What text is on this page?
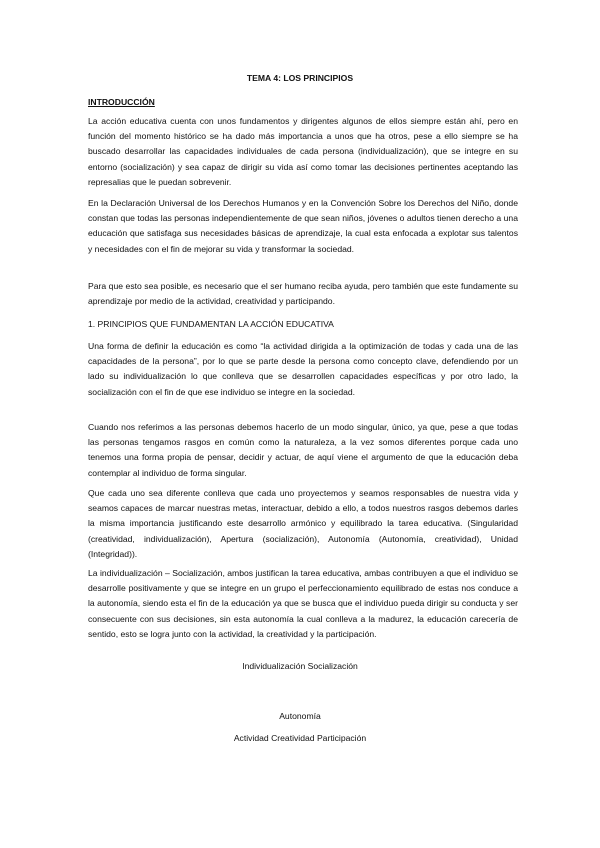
TEMA 4: LOS PRINCIPIOS
INTRODUCCIÓN

La acción educativa cuenta con unos fundamentos y dirigentes algunos de ellos siempre están ahí, pero en función del momento histórico se ha dado más importancia a unos que ha otros, pese a ello siempre se ha buscado desarrollar las capacidades individuales de cada persona (individualización), que se integre en su entorno (socialización) y sea capaz de dirigir su vida así como tomar las decisiones pertinentes aceptando las represalias que le puedan sobrevenir.

En la Declaración Universal de los Derechos Humanos y en la Convención Sobre los Derechos del Niño, donde constan que todas las personas independientemente de que sean niños, jóvenes o adultos tienen derecho a una educación que satisfaga sus necesidades básicas de aprendizaje, la cual esta enfocada a explotar sus talentos y necesidades con el fin de mejorar su vida y transformar la sociedad.

Para que esto sea posible, es necesario que el ser humano reciba ayuda, pero también que este fundamente su aprendizaje por medio de la actividad, creatividad y participando.

1. PRINCIPIOS QUE FUNDAMENTAN LA ACCIÓN EDUCATIVA

Una forma de definir la educación es como “la actividad dirigida a la optimización de todas y cada una de las capacidades de la persona”, por lo que se parte desde la persona como concepto clave, defendiendo por un lado su individualización lo que conlleva que se desarrollen capacidades específicas y por otro lado, la socialización con el fin de que ese individuo se integre en la sociedad.

Cuando nos referimos a las personas debemos hacerlo de un modo singular, único, ya que, pese a que todas las personas tengamos rasgos en común como la naturaleza, a la vez somos diferentes porque cada uno tenemos una forma propia de pensar, decidir y actuar, de aquí viene el argumento de que la educación deba contemplar al individuo de forma singular.

Que cada uno sea diferente conlleva que cada uno proyectemos y seamos responsables de nuestra vida y seamos capaces de marcar nuestras metas, interactuar, debido a ello, a todos nuestros rasgos debemos darles la misma importancia justificando este desarrollo armónico y equilibrado la tarea educativa. (Singularidad (creatividad, individualización), Apertura (socialización), Autonomía (Autonomía, creatividad), Unidad (Integridad)).

La individualización – Socialización, ambos justifican la tarea educativa, ambas contribuyen a que el individuo se desarrolle positivamente y que se integre en un grupo el perfeccionamiento equilibrado de estas nos conduce a la autonomía, siendo esta el fin de la educación ya que se busca que el individuo pueda dirigir su conducta y ser consecuente con sus decisiones, sin esta autonomía la cual conlleva a la madurez, la educación carecería de sentido, esto se logra junto con la actividad, la creatividad y la participación.

Individualización Socialización
Autonomía
Actividad Creatividad Participación
